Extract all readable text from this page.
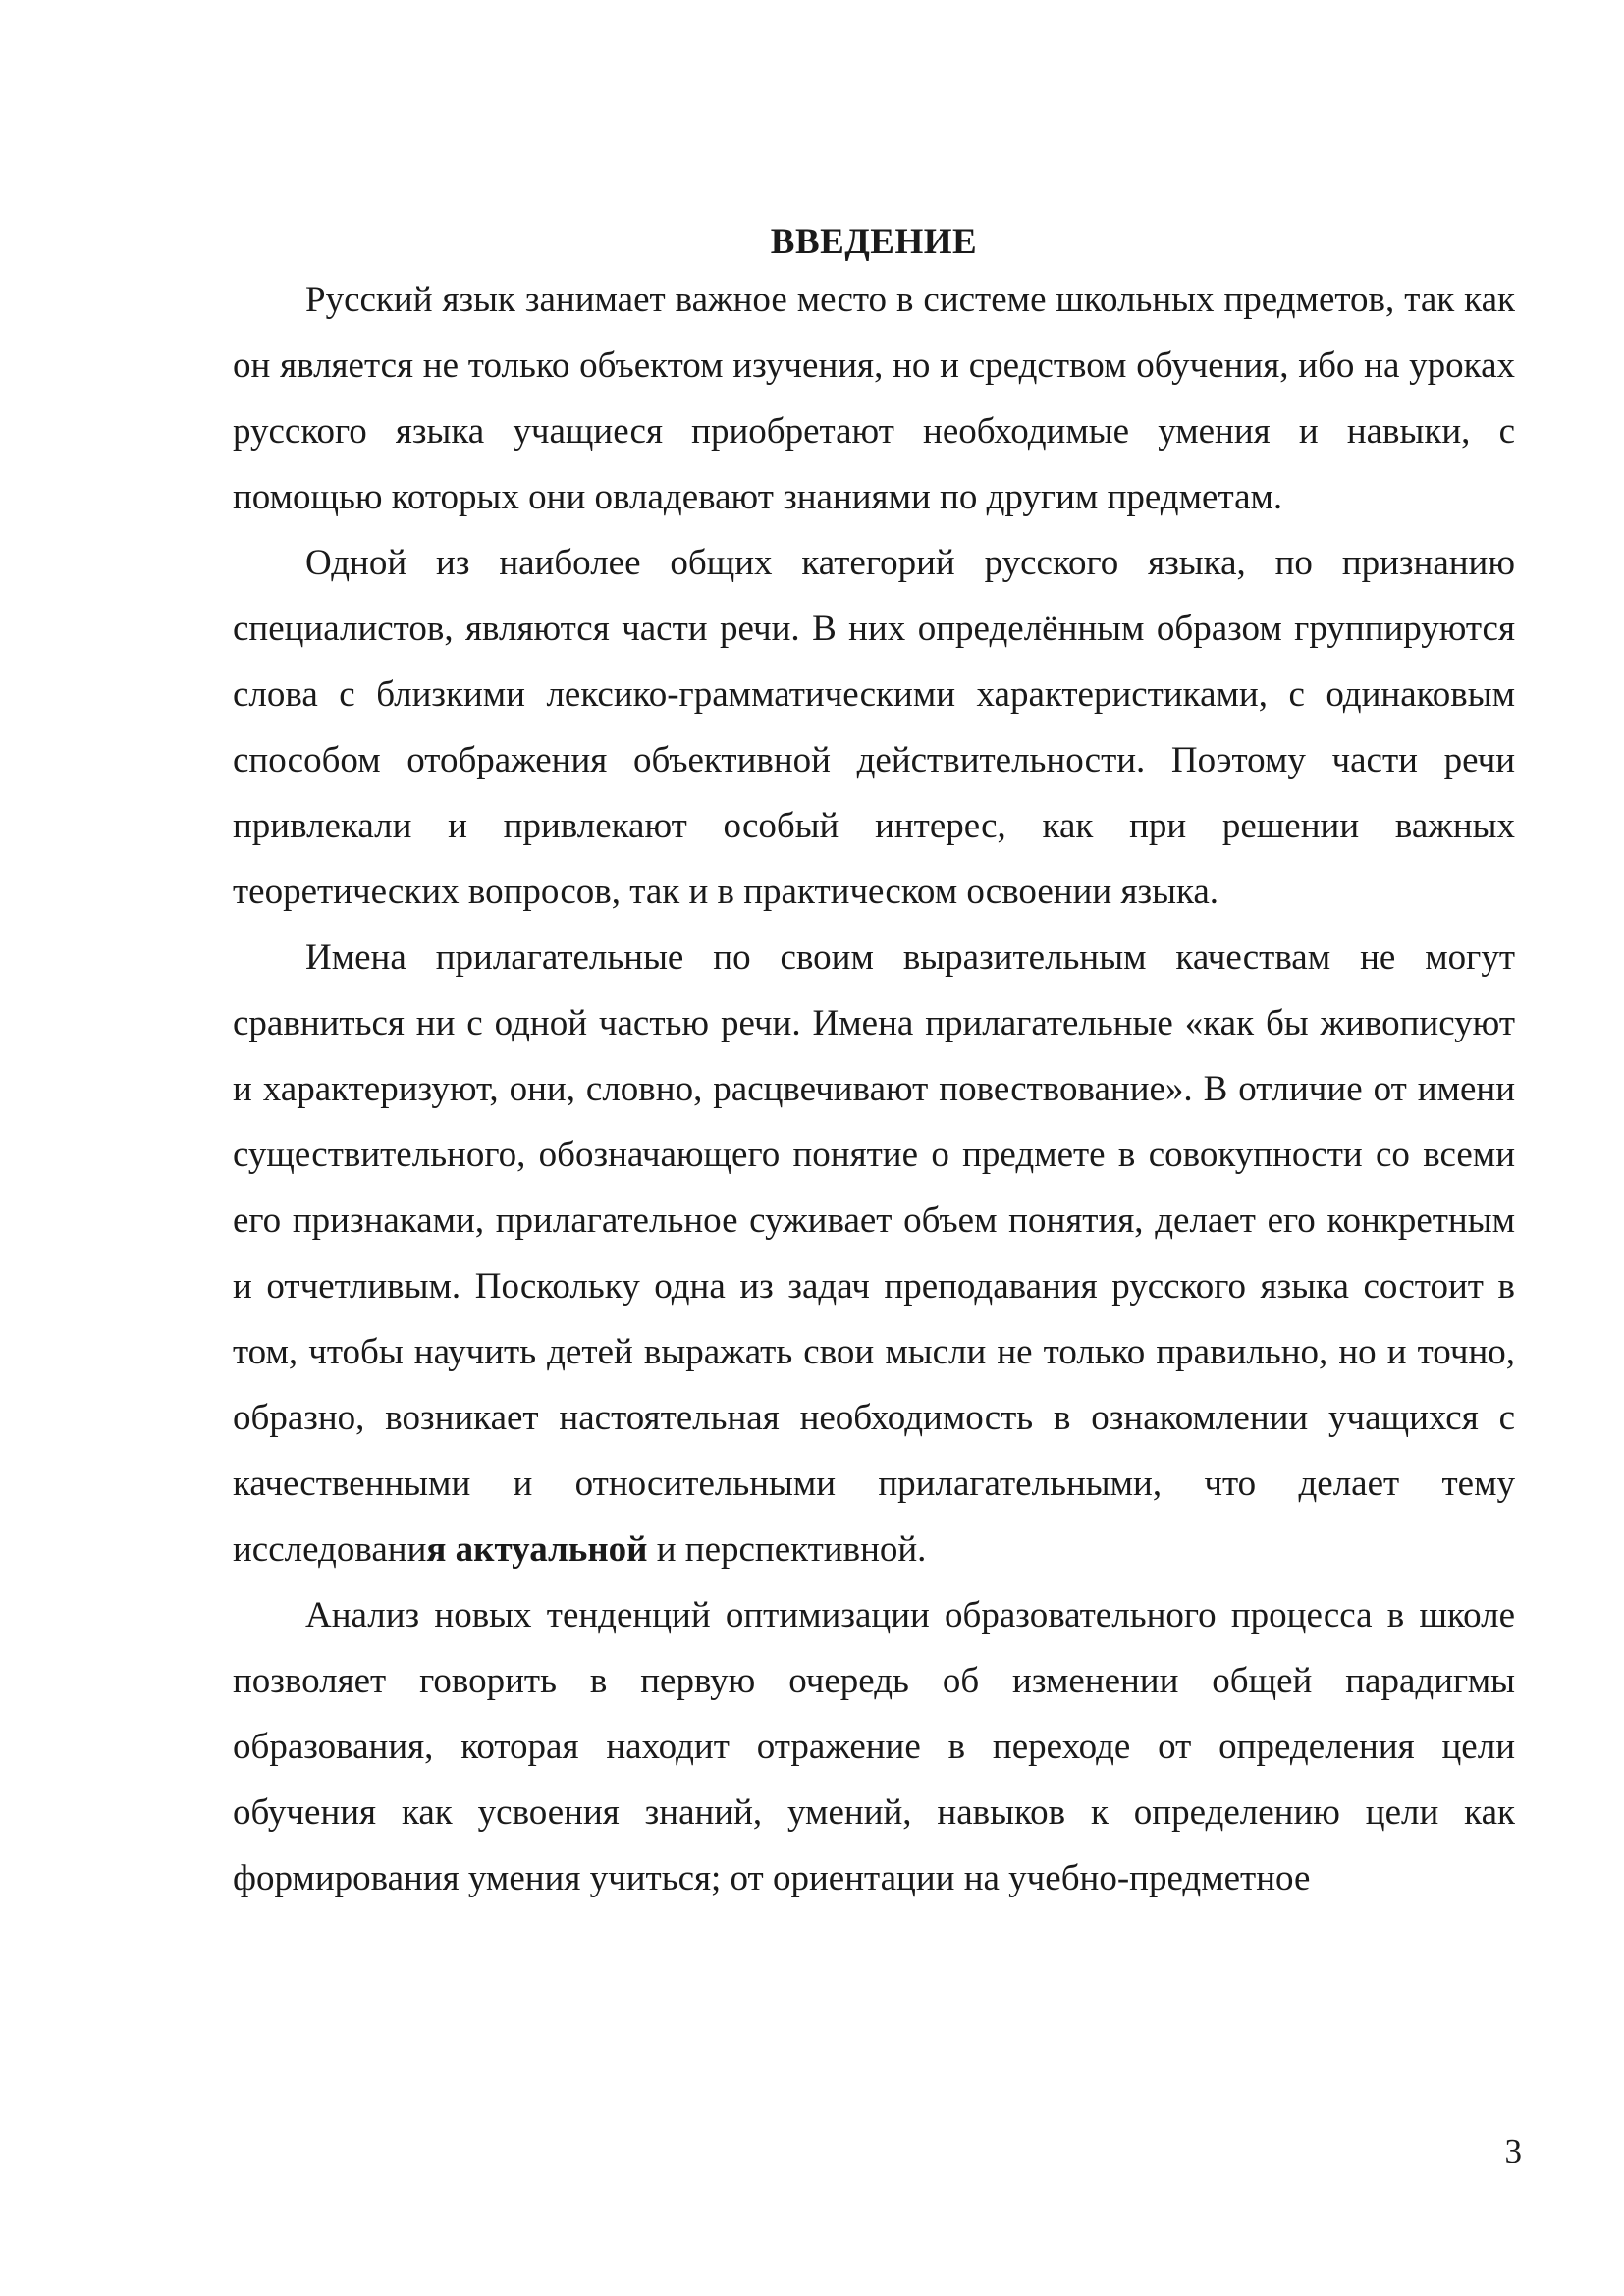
ВВЕДЕНИЕ

Русский язык занимает важное место в системе школьных предметов, так как он является не только объектом изучения, но и средством обучения, ибо на уроках русского языка учащиеся приобретают необходимые умения и навыки, с помощью которых они овладевают знаниями по другим предметам.

Одной из наиболее общих категорий русского языка, по признанию специалистов, являются части речи. В них определённым образом группируются слова с близкими лексико-грамматическими характеристиками, с одинаковым способом отображения объективной действительности. Поэтому части речи привлекали и привлекают особый интерес, как при решении важных теоретических вопросов, так и в практическом освоении языка.

Имена прилагательные по своим выразительным качествам не могут сравниться ни с одной частью речи. Имена прилагательные «как бы живописуют и характеризуют, они, словно, расцвечивают повествование». В отличие от имени существительного, обозначающего понятие о предмете в совокупности со всеми его признаками, прилагательное суживает объем понятия, делает его конкретным и отчетливым. Поскольку одна из задач преподавания русского языка состоит в том, чтобы научить детей выражать свои мысли не только правильно, но и точно, образно, возникает настоятельная необходимость в ознакомлении учащихся с качественными и относительными прилагательными, что делает тему исследования актуальной и перспективной.

Анализ новых тенденций оптимизации образовательного процесса в школе позволяет говорить в первую очередь об изменении общей парадигмы образования, которая находит отражение в переходе от определения цели обучения как усвоения знаний, умений, навыков к определению цели как формирования умения учиться; от ориентации на учебно-предметное

3
